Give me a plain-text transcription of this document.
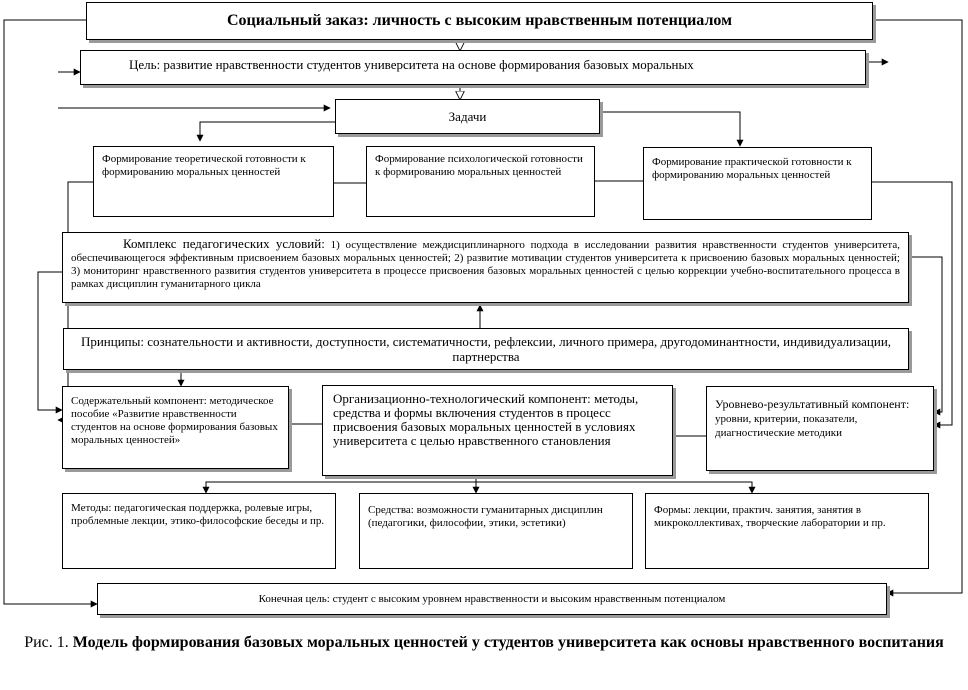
Социальный заказ: личность с высоким нравственным потенциалом
Цель: развитие нравственности студентов университета на основе формирования базовых моральных
Задачи
Формирование теоретической готовности к формированию моральных ценностей
Формирование психологической готовности к формированию моральных ценностей
Формирование практической готовности к формированию моральных ценностей
Комплекс педагогических условий: 1) осуществление междисциплинарного подхода в исследовании развития нравственности студентов университета, обеспечивающегося эффективным присвоением базовых моральных ценностей; 2) развитие мотивации студентов университета к присвоению базовых моральных ценностей; 3) мониторинг нравственного развития студентов университета в процессе присвоения базовых моральных ценностей с целью коррекции учебно-воспитательного процесса в рамках дисциплин гуманитарного цикла
Принципы: сознательности и активности, доступности, систематичности, рефлексии, личного примера, другодоминантности, индивидуализации, партнерства
Содержательный компонент: методическое пособие «Развитие нравственности студентов на основе формирования базовых моральных ценностей»
Организационно-технологический компонент: методы, средства и формы включения студентов в процесс присвоения базовых моральных ценностей в условиях университета с целью нравственного становления
Уровнево-результативный компонент: уровни, критерии, показатели, диагностические методики
Методы: педагогическая поддержка, ролевые игры, проблемные лекции, этико-философские беседы и пр.
Средства: возможности гуманитарных дисциплин (педагогики, философии, этики, эстетики)
Формы: лекции, практич. занятия, занятия в микроколлективах, творческие лаборатории и пр.
Конечная цель: студент с высоким уровнем нравственности и высоким нравственным потенциалом
Рис. 1. Модель формирования базовых моральных ценностей у студентов университета как основы нравственного воспитания
